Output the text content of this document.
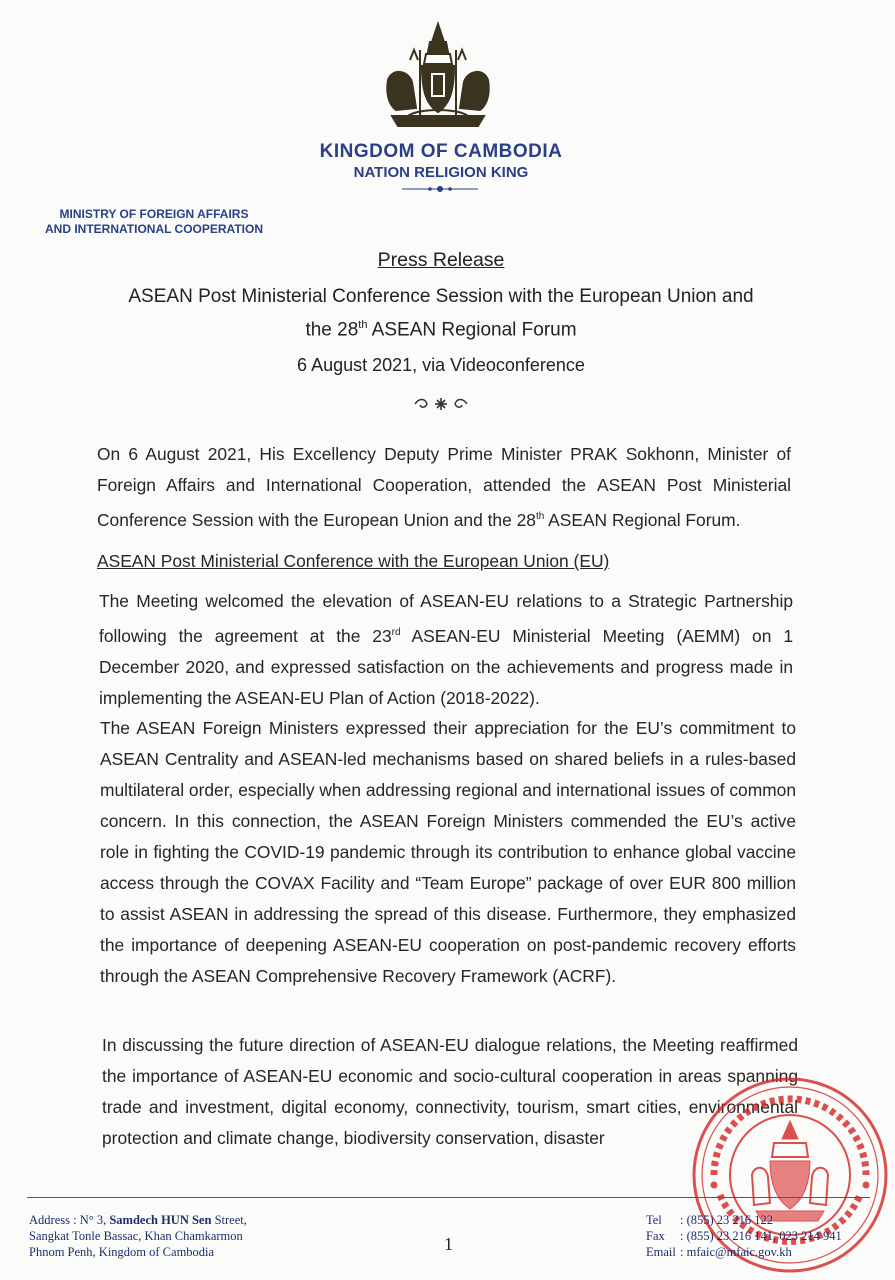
KINGDOM OF CAMBODIA
NATION RELIGION KING
MINISTRY OF FOREIGN AFFAIRS
AND INTERNATIONAL COOPERATION
Press Release
ASEAN Post Ministerial Conference Session with the European Union and
the 28th ASEAN Regional Forum
6 August 2021, via Videoconference
On 6 August 2021, His Excellency Deputy Prime Minister PRAK Sokhonn, Minister of Foreign Affairs and International Cooperation, attended the ASEAN Post Ministerial Conference Session with the European Union and the 28th ASEAN Regional Forum.
ASEAN Post Ministerial Conference with the European Union (EU)
The Meeting welcomed the elevation of ASEAN-EU relations to a Strategic Partnership following the agreement at the 23rd ASEAN-EU Ministerial Meeting (AEMM) on 1 December 2020, and expressed satisfaction on the achievements and progress made in implementing the ASEAN-EU Plan of Action (2018-2022).
The ASEAN Foreign Ministers expressed their appreciation for the EU’s commitment to ASEAN Centrality and ASEAN-led mechanisms based on shared beliefs in a rules-based multilateral order, especially when addressing regional and international issues of common concern. In this connection, the ASEAN Foreign Ministers commended the EU’s active role in fighting the COVID-19 pandemic through its contribution to enhance global vaccine access through the COVAX Facility and “Team Europe” package of over EUR 800 million to assist ASEAN in addressing the spread of this disease. Furthermore, they emphasized the importance of deepening ASEAN-EU cooperation on post-pandemic recovery efforts through the ASEAN Comprehensive Recovery Framework (ACRF).
In discussing the future direction of ASEAN-EU dialogue relations, the Meeting reaffirmed the importance of ASEAN-EU economic and socio-cultural cooperation in areas spanning trade and investment, digital economy, connectivity, tourism, smart cities, environmental protection and climate change, biodiversity conservation, disaster
Address : N° 3, Samdech HUN Sen Street,
Sangkat Tonle Bassac, Khan Chamkarmon
Phnom Penh, Kingdom of Cambodia	1
Tel : (855) 23 216 122
Fax : (855) 23 216 141, 023 214 941
Email : mfaic@mfaic.gov.kh
